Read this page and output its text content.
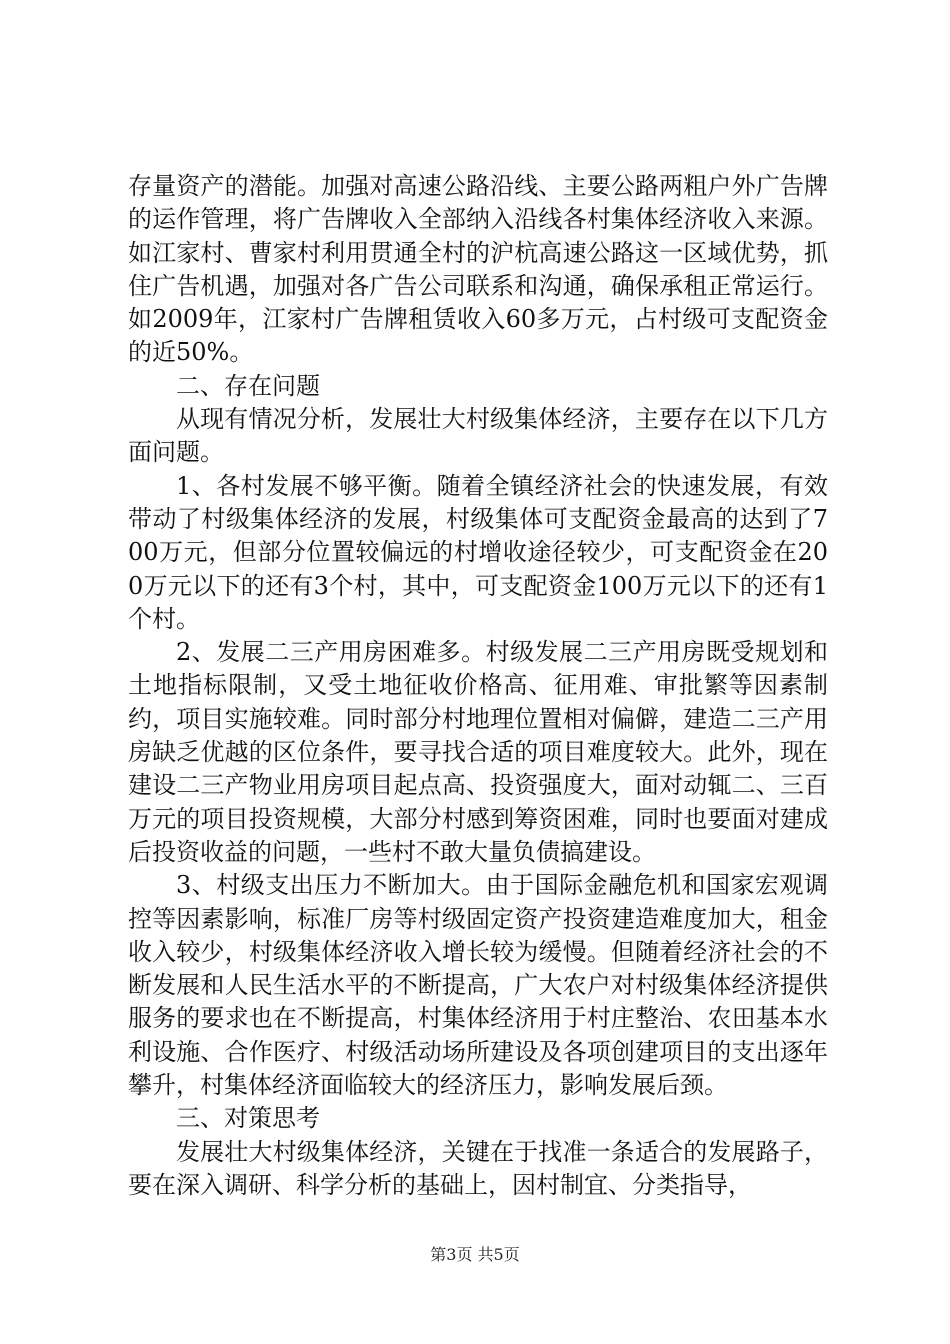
存量资产的潜能。加强对高速公路沿线、主要公路两粗户外广告牌的运作管理，将广告牌收入全部纳入沿线各村集体经济收入来源。如江家村、曹家村利用贯通全村的沪杭高速公路这一区域优势，抓住广告机遇，加强对各广告公司联系和沟通，确保承租正常运行。如2009年，江家村广告牌租赁收入60多万元，占村级可支配资金的近50%。

二、存在问题

从现有情况分析，发展壮大村级集体经济，主要存在以下几方面问题。

1、各村发展不够平衡。随着全镇经济社会的快速发展，有效带动了村级集体经济的发展，村级集体可支配资金最高的达到了700万元，但部分位置较偏远的村增收途径较少，可支配资金在200万元以下的还有3个村，其中，可支配资金100万元以下的还有1个村。

2、发展二三产用房困难多。村级发展二三产用房既受规划和土地指标限制，又受土地征收价格高、征用难、审批繁等因素制约，项目实施较难。同时部分村地理位置相对偏僻，建造二三产用房缺乏优越的区位条件，要寻找合适的项目难度较大。此外，现在建设二三产物业用房项目起点高、投资强度大，面对动辄二、三百万元的项目投资规模，大部分村感到筹资困难，同时也要面对建成后投资收益的问题，一些村不敢大量负债搞建设。

3、村级支出压力不断加大。由于国际金融危机和国家宏观调控等因素影响，标准厂房等村级固定资产投资建造难度加大，租金收入较少，村级集体经济收入增长较为缓慢。但随着经济社会的不断发展和人民生活水平的不断提高，广大农户对村级集体经济提供服务的要求也在不断提高，村集体经济用于村庄整治、农田基本水利设施、合作医疗、村级活动场所建设及各项创建项目的支出逐年攀升，村集体经济面临较大的经济压力，影响发展后颈。

三、对策思考

发展壮大村级集体经济，关键在于找准一条适合的发展路子，要在深入调研、科学分析的基础上，因村制宜、分类指导，

第3页 共5页
